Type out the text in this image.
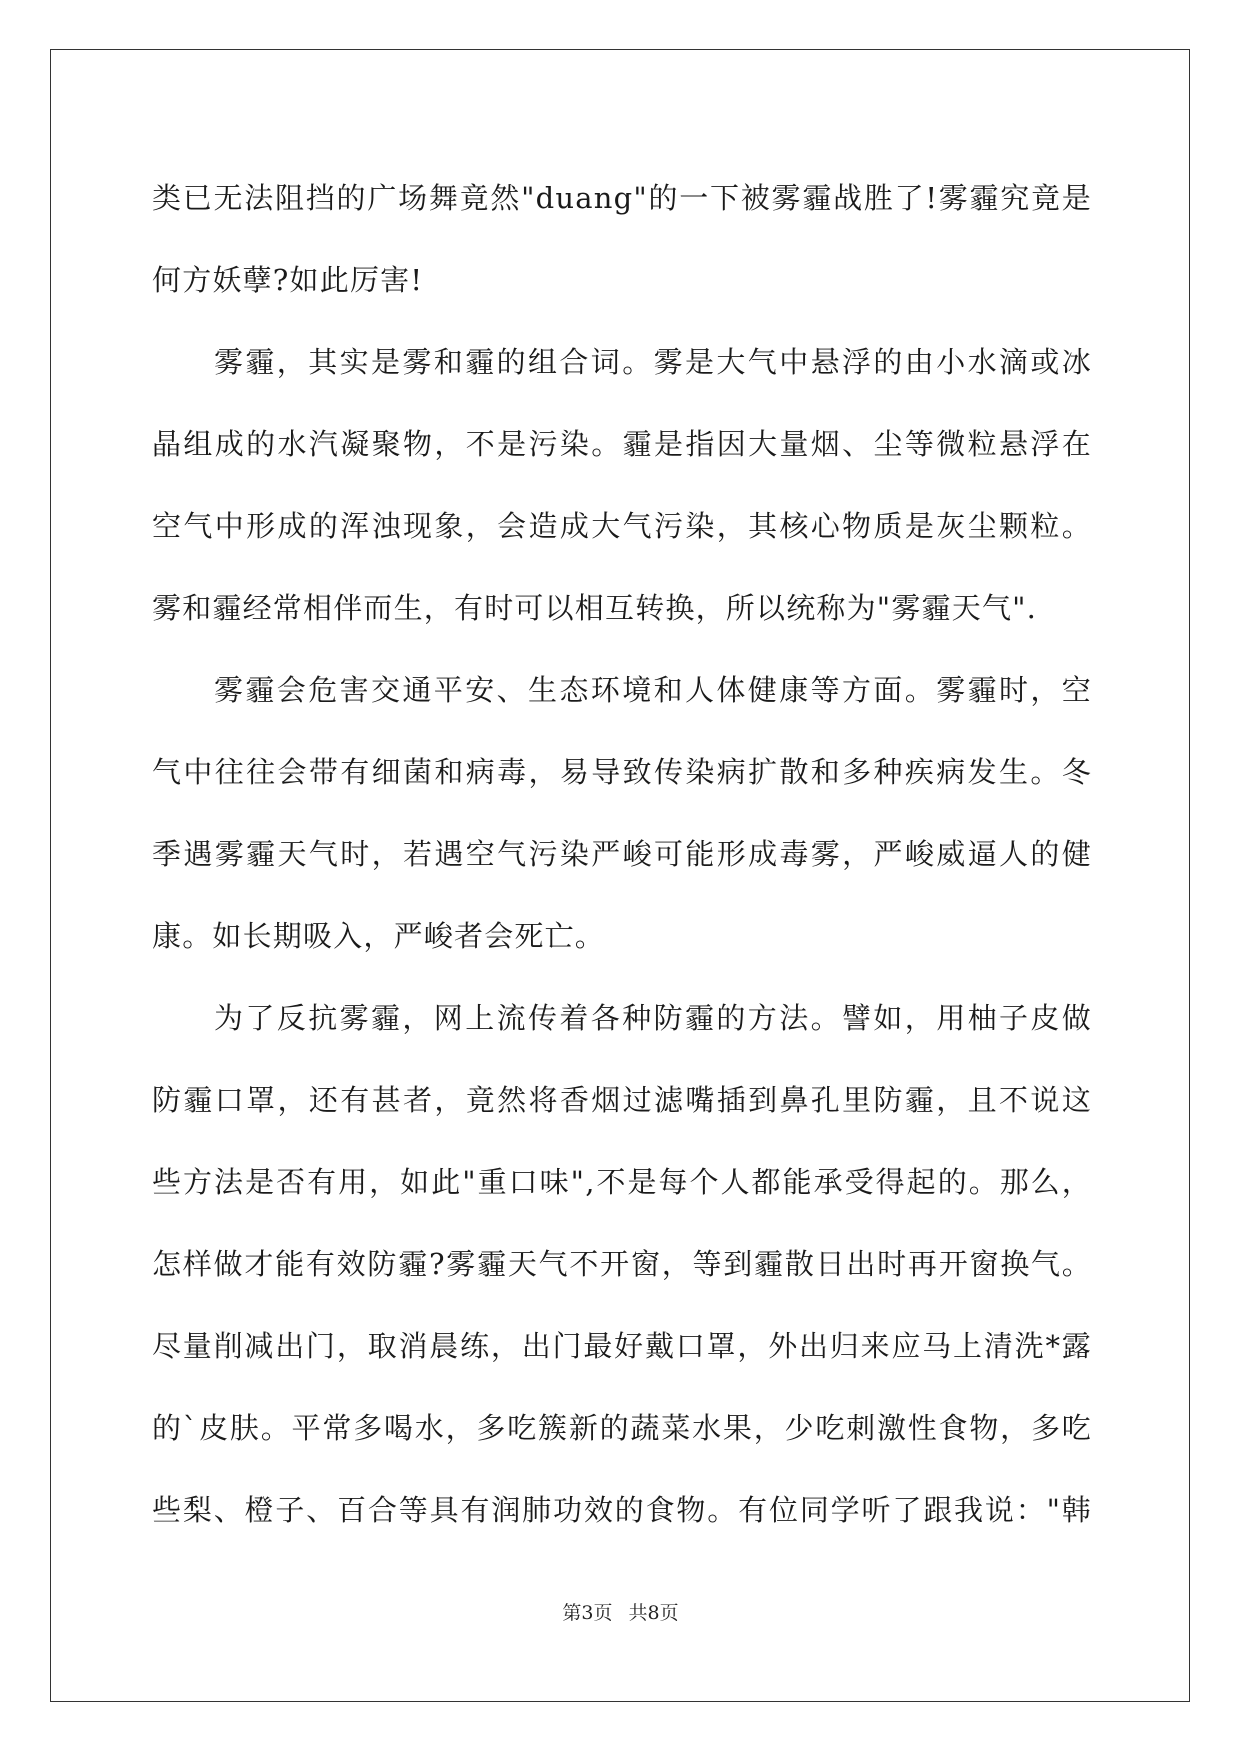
类已无法阻挡的广场舞竟然"duang"的一下被雾霾战胜了!雾霾究竟是
何方妖孽?如此厉害!
雾霾，其实是雾和霾的组合词。雾是大气中悬浮的由小水滴或冰
晶组成的水汽凝聚物，不是污染。霾是指因大量烟、尘等微粒悬浮在
空气中形成的浑浊现象，会造成大气污染，其核心物质是灰尘颗粒。
雾和霾经常相伴而生，有时可以相互转换，所以统称为"雾霾天气".
雾霾会危害交通平安、生态环境和人体健康等方面。雾霾时，空
气中往往会带有细菌和病毒，易导致传染病扩散和多种疾病发生。冬
季遇雾霾天气时，若遇空气污染严峻可能形成毒雾，严峻威逼人的健
康。如长期吸入，严峻者会死亡。
为了反抗雾霾，网上流传着各种防霾的方法。譬如，用柚子皮做
防霾口罩，还有甚者，竟然将香烟过滤嘴插到鼻孔里防霾，且不说这
些方法是否有用，如此"重口味",不是每个人都能承受得起的。那么，
怎样做才能有效防霾?雾霾天气不开窗，等到霾散日出时再开窗换气。
尽量削减出门，取消晨练，出门最好戴口罩，外出归来应马上清洗*露
的`皮肤。平常多喝水，多吃簇新的蔬菜水果，少吃刺激性食物，多吃
些梨、橙子、百合等具有润肺功效的食物。有位同学听了跟我说："韩
第3页 共8页
